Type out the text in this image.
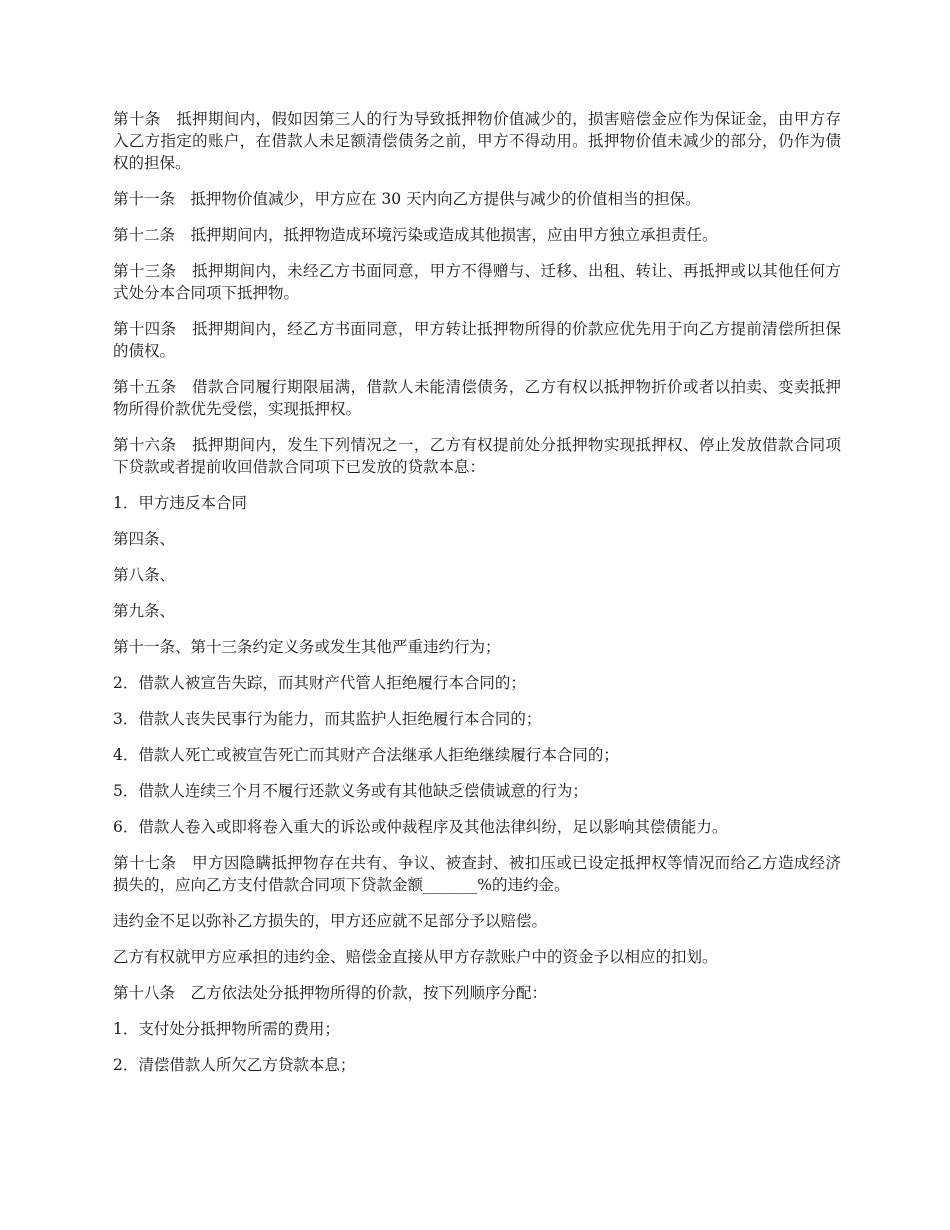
第十条　抵押期间内，假如因第三人的行为导致抵押物价值减少的，损害赔偿金应作为保证金，由甲方存入乙方指定的账户，在借款人未足额清偿债务之前，甲方不得动用。抵押物价值未减少的部分，仍作为债权的担保。

第十一条　抵押物价值减少，甲方应在 30 天内向乙方提供与减少的价值相当的担保。

第十二条　抵押期间内，抵押物造成环境污染或造成其他损害，应由甲方独立承担责任。

第十三条　抵押期间内，未经乙方书面同意，甲方不得赠与、迁移、出租、转让、再抵押或以其他任何方式处分本合同项下抵押物。

第十四条　抵押期间内，经乙方书面同意，甲方转让抵押物所得的价款应优先用于向乙方提前清偿所担保的债权。

第十五条　借款合同履行期限届满，借款人未能清偿债务，乙方有权以抵押物折价或者以拍卖、变卖抵押物所得价款优先受偿，实现抵押权。

第十六条　抵押期间内，发生下列情况之一，乙方有权提前处分抵押物实现抵押权、停止发放借款合同项下贷款或者提前收回借款合同项下已发放的贷款本息：

1．甲方违反本合同

第四条、

第八条、

第九条、

第十一条、第十三条约定义务或发生其他严重违约行为；

2．借款人被宣告失踪，而其财产代管人拒绝履行本合同的；

3．借款人丧失民事行为能力，而其监护人拒绝履行本合同的；

4．借款人死亡或被宣告死亡而其财产合法继承人拒绝继续履行本合同的；

5．借款人连续三个月不履行还款义务或有其他缺乏偿债诚意的行为；

6．借款人卷入或即将卷入重大的诉讼或仲裁程序及其他法律纠纷，足以影响其偿债能力。

第十七条　甲方因隐瞒抵押物存在共有、争议、被查封、被扣压或已设定抵押权等情况而给乙方造成经济损失的，应向乙方支付借款合同项下贷款金额_______%的违约金。

违约金不足以弥补乙方损失的，甲方还应就不足部分予以赔偿。

乙方有权就甲方应承担的违约金、赔偿金直接从甲方存款账户中的资金予以相应的扣划。

第十八条　乙方依法处分抵押物所得的价款，按下列顺序分配：

1．支付处分抵押物所需的费用；

2．清偿借款人所欠乙方贷款本息；
